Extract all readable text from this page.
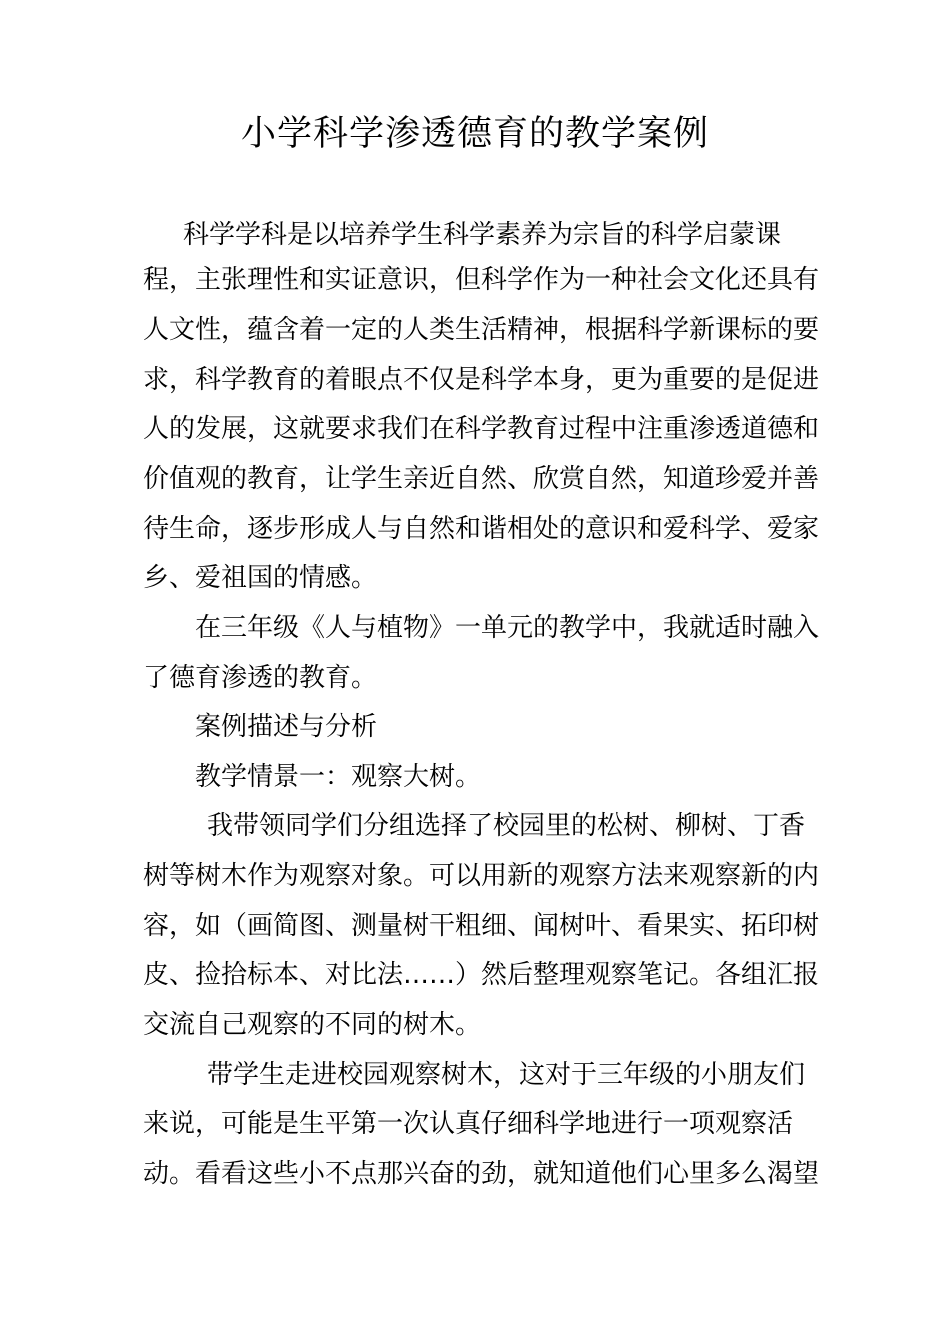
小学科学渗透德育的教学案例

科学学科是以培养学生科学素养为宗旨的科学启蒙课

程，主张理性和实证意识，但科学作为一种社会文化还具有

人文性，蕴含着一定的人类生活精神，根据科学新课标的要

求，科学教育的着眼点不仅是科学本身，更为重要的是促进

人的发展，这就要求我们在科学教育过程中注重渗透道德和

价值观的教育，让学生亲近自然、欣赏自然，知道珍爱并善

待生命，逐步形成人与自然和谐相处的意识和爱科学、爱家

乡、爱祖国的情感。

在三年级《人与植物》一单元的教学中，我就适时融入

了德育渗透的教育。

案例描述与分析

教学情景一：观察大树。

我带领同学们分组选择了校园里的松树、柳树、丁香

树等树木作为观察对象。可以用新的观察方法来观察新的内

容，如（画简图、测量树干粗细、闻树叶、看果实、拓印树

皮、捡拾标本、对比法……）然后整理观察笔记。各组汇报

交流自己观察的不同的树木。

带学生走进校园观察树木，这对于三年级的小朋友们

来说，可能是生平第一次认真仔细科学地进行一项观察活

动。看看这些小不点那兴奋的劲，就知道他们心里多么渴望
